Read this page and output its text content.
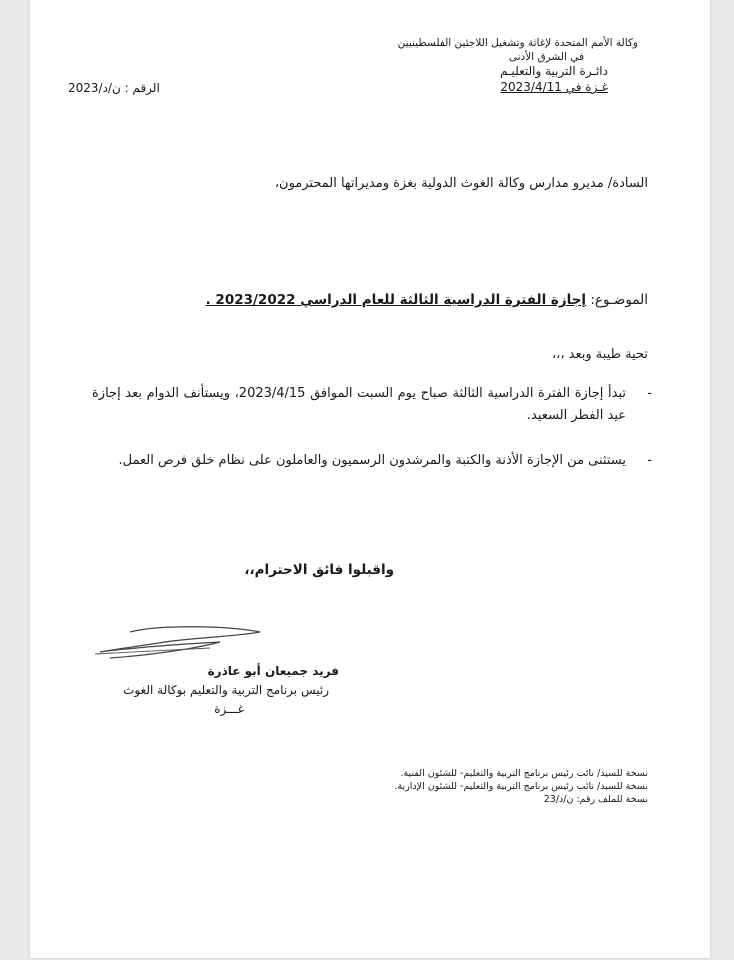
وكالة الأمم المتحدة لإغاثة وتشغيل اللاجئين الفلسطينيين
في الشرق الأدنى
دائـرة التربية والتعليـم
غـزة في 2023/4/11
الرقم : ن/د/2023
السادة/ مديرو مدارس وكالة الغوث الدولية بغزة ومديراتها المحترمون،
الموضـوع: إجازة الفترة الدراسية الثالثة للعام الدراسي 2023/2022 .
تحية طيبة وبعد ،،،
-
تبدأ إجازة الفترة الدراسية الثالثة صباح يوم السبت الموافق 2023/4/15، ويستأنف الدوام بعد إجازة عيد الفطر السعيد.
-
يستثنى من الإجازة الأذنة والكتبة والمرشدون الرسميون والعاملون على نظام خلق فرص العمل.
واقبلوا فائق الاحترام،،
فريد جميعان أبو عاذرة
رئيس برنامج التربية والتعليم بوكالة الغوث
غـــزة
نسخة للسيد/ نائب رئيس برنامج التربية والتعليم- للشئون الفنية.
نسخة للسيد/ نائب رئيس برنامج التربية والتعليم- للشئون الإدارية.
نسخة للملف رقم: ن/د/23
